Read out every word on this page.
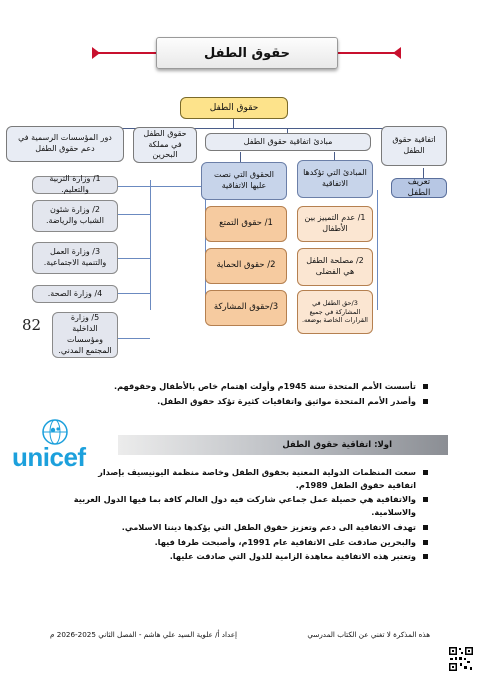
حقوق الطفل
حقوق الطفل
اتفاقية حقوق الطفل
مبادئ اتفاقية حقوق الطفل
حقوق الطفل في مملكة البحرين
دور المؤسسات الرسمية في دعم حقوق الطفل
تعريف الطفل
المبادئ التي تؤكدها الاتفاقية
1/ عدم التمييز بين الأطفال
2/ مصلحة الطفل هي الفضلى
3/حق الطفل في المشاركة في جميع القرارات الخاصة بوضعه.
الحقوق التي نصت عليها الاتفاقية
1/ حقوق التمتع
2/ حقوق الحماية
3/حقوق المشاركة
1/ وزارة التربية والتعليم.
2/ وزارة شئون الشباب والرياضة.
3/ وزارة العمل والتنمية الاجتماعية.
4/ وزارة الصحة.
5/ وزارة الداخلية ومؤسسات المجتمع المدني.
82
تأسست الأمم المتحدة سنة 1945م وأولت اهتمام خاص بالأطفال وحقوقهم.
وأصدر الأمم المتحدة مواثيق واتفاقيات كثيرة تؤكد حقوق الطفل.
unicef	اولا: اتفاقية حقوق الطفل
سعت المنظمات الدولية المعنية بحقوق الطفل وخاصة منظمة اليونيسيف بإصدار اتفاقية حقوق الطفل 1989م.
والاتفاقية هي حصيلة عمل جماعي شاركت فيه دول العالم كافة بما فيها الدول العربية والاسلامية.
تهدف الاتفاقية الى دعم وتعزيز حقوق الطفل التي يؤكدها ديننا الاسلامي.
والبحرين صادقت على الاتفاقية عام 1991م، وأصبحت طرفا فيها.
وتعتبر هذه الاتفاقية معاهدة الزامية للدول التي صادقت عليها.
إعداد أ/ علوية السيد علي هاشم - الفصل الثاني 2025-2026 م	هذه المذكرة لا تغني عن الكتاب المدرسي
